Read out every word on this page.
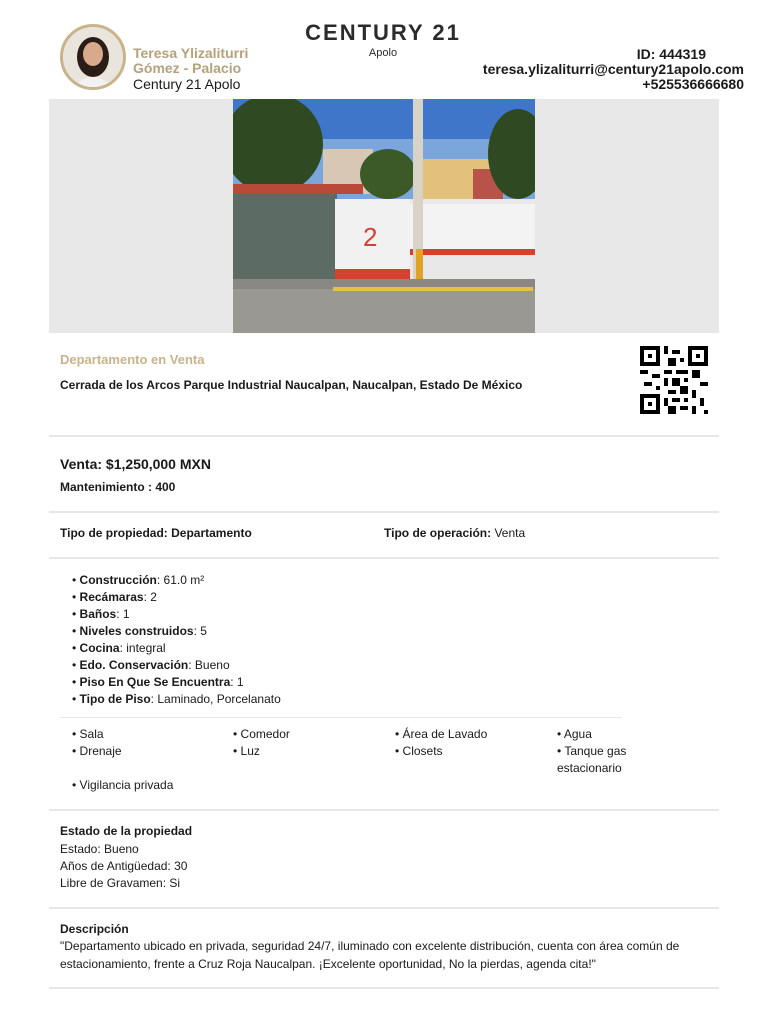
Teresa Ylizaliturri
Gómez - Palacio
Century 21 Apolo
CENTURY 21
Apolo	ID: 444319
teresa.ylizaliturri@century21apolo.com
+525536666680
2
Departamento en Venta
Cerrada de los Arcos Parque Industrial Naucalpan, Naucalpan, Estado De México
Venta: $1,250,000 MXN
Mantenimiento : 400
Tipo de propiedad: Departamento	Tipo de operación: Venta
• Construcción: 61.0 m²
• Recámaras: 2
• Baños: 1
• Niveles construidos: 5
• Cocina: integral
• Edo. Conservación: Bueno
• Piso En Que Se Encuentra: 1
• Tipo de Piso: Laminado, Porcelanato
• Sala	• Comedor	• Área de Lavado	• Agua
• Drenaje	• Luz	• Closets	• Tanque gas estacionario
• Vigilancia privada
Estado de la propiedad
Estado: Bueno
Años de Antigüedad: 30
Libre de Gravamen: Si
Descripción
"Departamento ubicado en privada, seguridad 24/7, iluminado con excelente distribución, cuenta con área común de estacionamiento, frente a Cruz Roja Naucalpan. ¡Excelente oportunidad, No la pierdas, agenda cita!"
